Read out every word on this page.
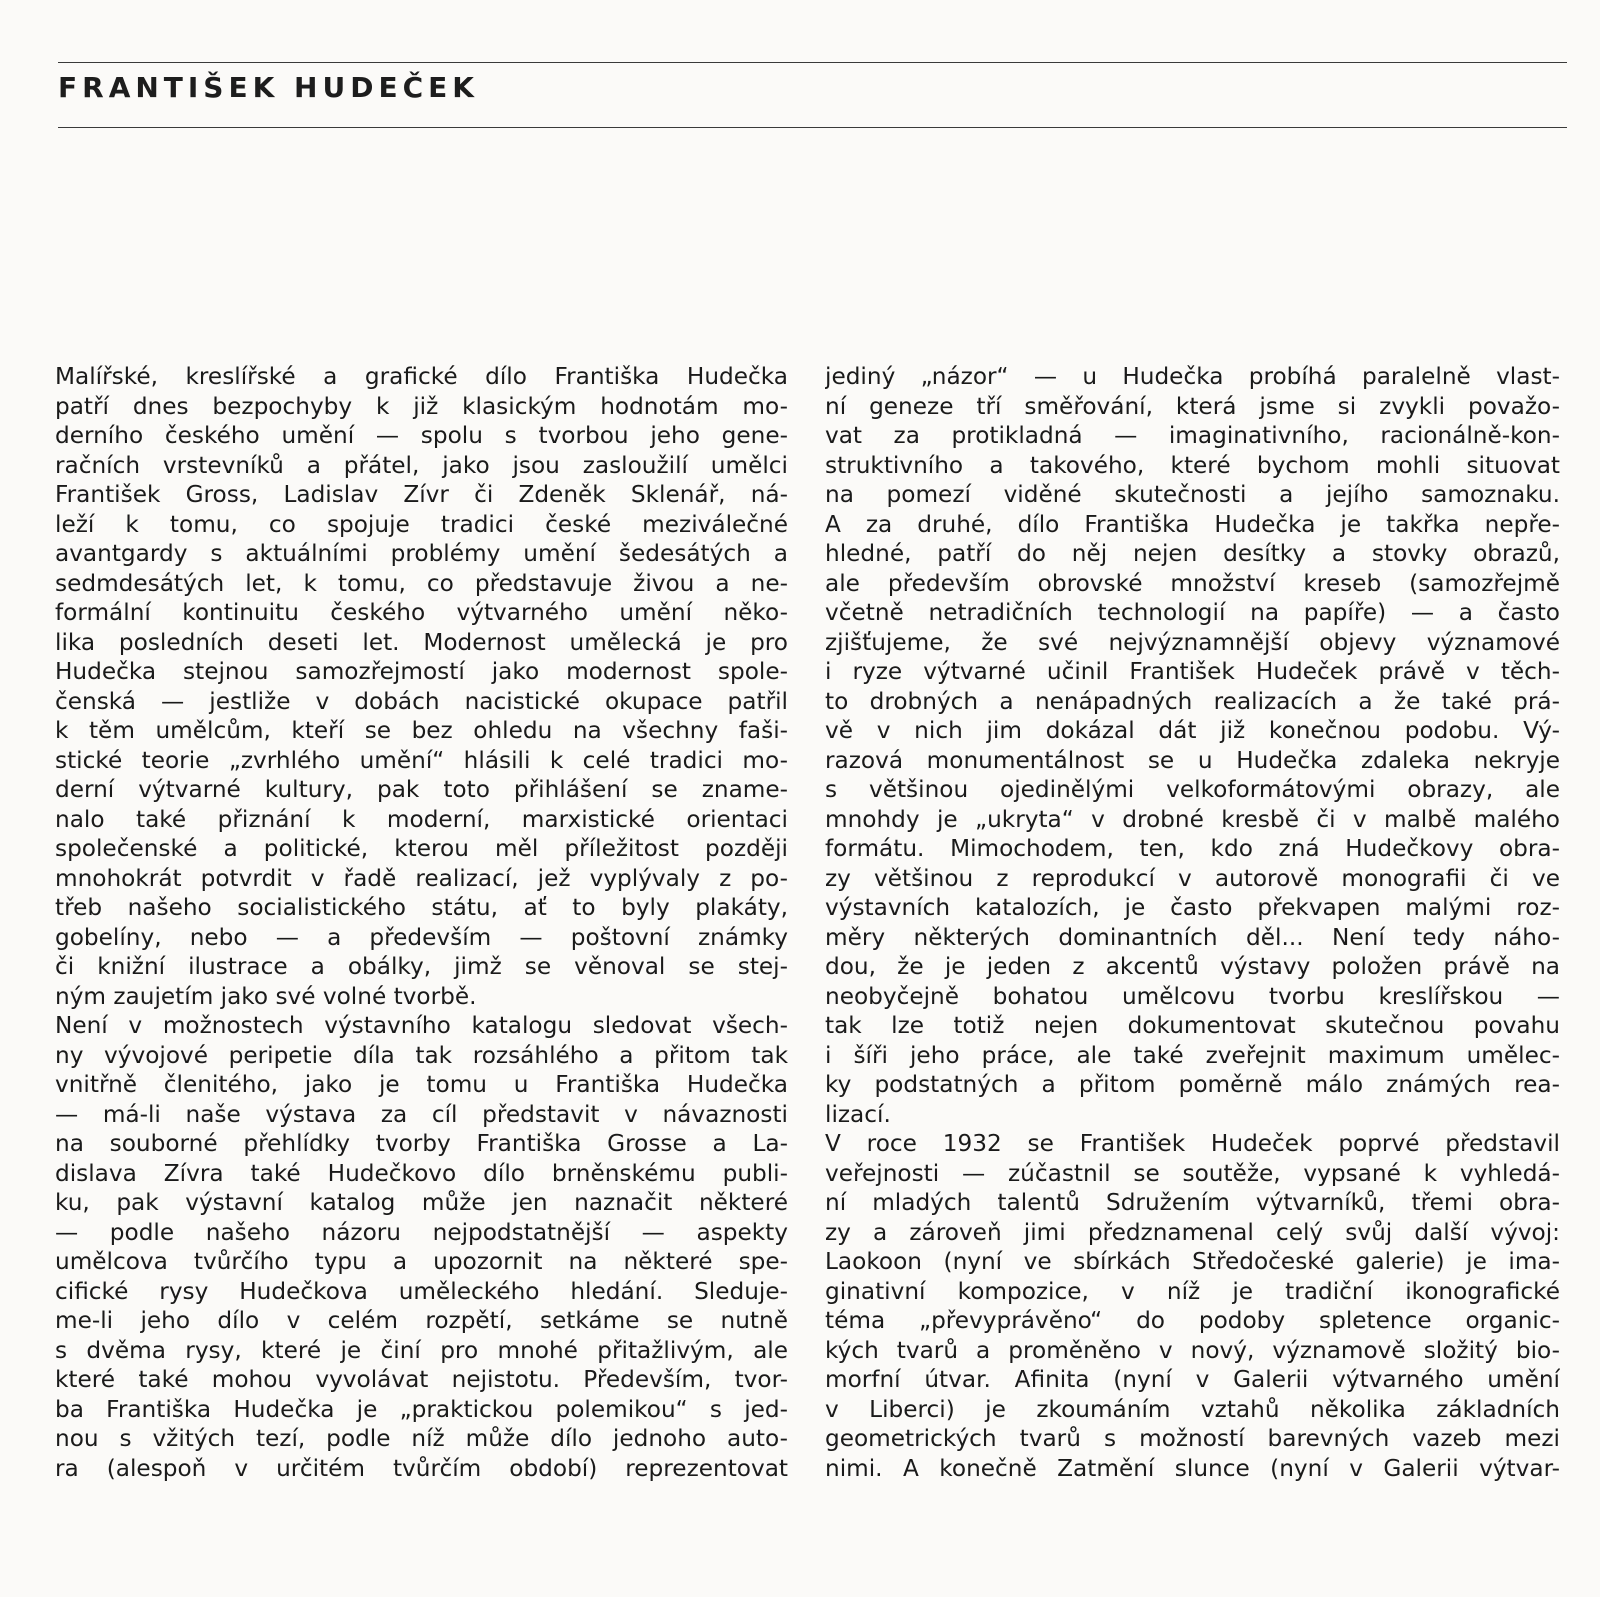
FRANTIŠEK HUDEČEK
Malířské, kreslířské a grafické dílo Františka Hudečka
patří dnes bezpochyby k již klasickým hodnotám mo-
derního českého umění — spolu s tvorbou jeho gene-
račních vrstevníků a přátel, jako jsou zasloužilí umělci
František Gross, Ladislav Zívr či Zdeněk Sklenář, ná-
leží k tomu, co spojuje tradici české meziválečné
avantgardy s aktuálními problémy umění šedesátých a
sedmdesátých let, k tomu, co představuje živou a ne-
formální kontinuitu českého výtvarného umění něko-
lika posledních deseti let. Modernost umělecká je pro
Hudečka stejnou samozřejmostí jako modernost spole-
čenská — jestliže v dobách nacistické okupace patřil
k těm umělcům, kteří se bez ohledu na všechny faši-
stické teorie „zvrhlého umění“ hlásili k celé tradici mo-
derní výtvarné kultury, pak toto přihlášení se zname-
nalo také přiznání k moderní, marxistické orientaci
společenské a politické, kterou měl příležitost později
mnohokrát potvrdit v řadě realizací, jež vyplývaly z po-
třeb našeho socialistického státu, ať to byly plakáty,
gobelíny, nebo — a především — poštovní známky
či knižní ilustrace a obálky, jimž se věnoval se stej-
ným zaujetím jako své volné tvorbě.
Není v možnostech výstavního katalogu sledovat všech-
ny vývojové peripetie díla tak rozsáhlého a přitom tak
vnitřně členitého, jako je tomu u Františka Hudečka
— má-li naše výstava za cíl představit v návaznosti
na souborné přehlídky tvorby Františka Grosse a La-
dislava Zívra také Hudečkovo dílo brněnskému publi-
ku, pak výstavní katalog může jen naznačit některé
— podle našeho názoru nejpodstatnější — aspekty
umělcova tvůrčího typu a upozornit na některé spe-
cifické rysy Hudečkova uměleckého hledání. Sleduje-
me-li jeho dílo v celém rozpětí, setkáme se nutně
s dvěma rysy, které je činí pro mnohé přitažlivým, ale
které také mohou vyvolávat nejistotu. Především, tvor-
ba Františka Hudečka je „praktickou polemikou“ s jed-
nou s vžitých tezí, podle níž může dílo jednoho auto-
ra (alespoň v určitém tvůrčím období) reprezentovat
jediný „názor“ — u Hudečka probíhá paralelně vlast-
ní geneze tří směřování, která jsme si zvykli považo-
vat za protikladná — imaginativního, racionálně-kon-
struktivního a takového, které bychom mohli situovat
na pomezí viděné skutečnosti a jejího samoznaku.
A za druhé, dílo Františka Hudečka je takřka nepře-
hledné, patří do něj nejen desítky a stovky obrazů,
ale především obrovské množství kreseb (samozřejmě
včetně netradičních technologií na papíře) — a často
zjišťujeme, že své nejvýznamnější objevy významové
i ryze výtvarné učinil František Hudeček právě v těch-
to drobných a nenápadných realizacích a že také prá-
vě v nich jim dokázal dát již konečnou podobu. Vý-
razová monumentálnost se u Hudečka zdaleka nekryje
s většinou ojedinělými velkoformátovými obrazy, ale
mnohdy je „ukryta“ v drobné kresbě či v malbě malého
formátu. Mimochodem, ten, kdo zná Hudečkovy obra-
zy většinou z reprodukcí v autorově monografii či ve
výstavních katalozích, je často překvapen malými roz-
měry některých dominantních děl... Není tedy náho-
dou, že je jeden z akcentů výstavy položen právě na
neobyčejně bohatou umělcovu tvorbu kreslířskou —
tak lze totiž nejen dokumentovat skutečnou povahu
i šíři jeho práce, ale také zveřejnit maximum umělec-
ky podstatných a přitom poměrně málo známých rea-
lizací.
V roce 1932 se František Hudeček poprvé představil
veřejnosti — zúčastnil se soutěže, vypsané k vyhledá-
ní mladých talentů Sdružením výtvarníků, třemi obra-
zy a zároveň jimi předznamenal celý svůj další vývoj:
Laokoon (nyní ve sbírkách Středočeské galerie) je ima-
ginativní kompozice, v níž je tradiční ikonografické
téma „převyprávěno“ do podoby spletence organic-
kých tvarů a proměněno v nový, významově složitý bio-
morfní útvar. Afinita (nyní v Galerii výtvarného umění
v Liberci) je zkoumáním vztahů několika základních
geometrických tvarů s možností barevných vazeb mezi
nimi. A konečně Zatmění slunce (nyní v Galerii výtvar-
